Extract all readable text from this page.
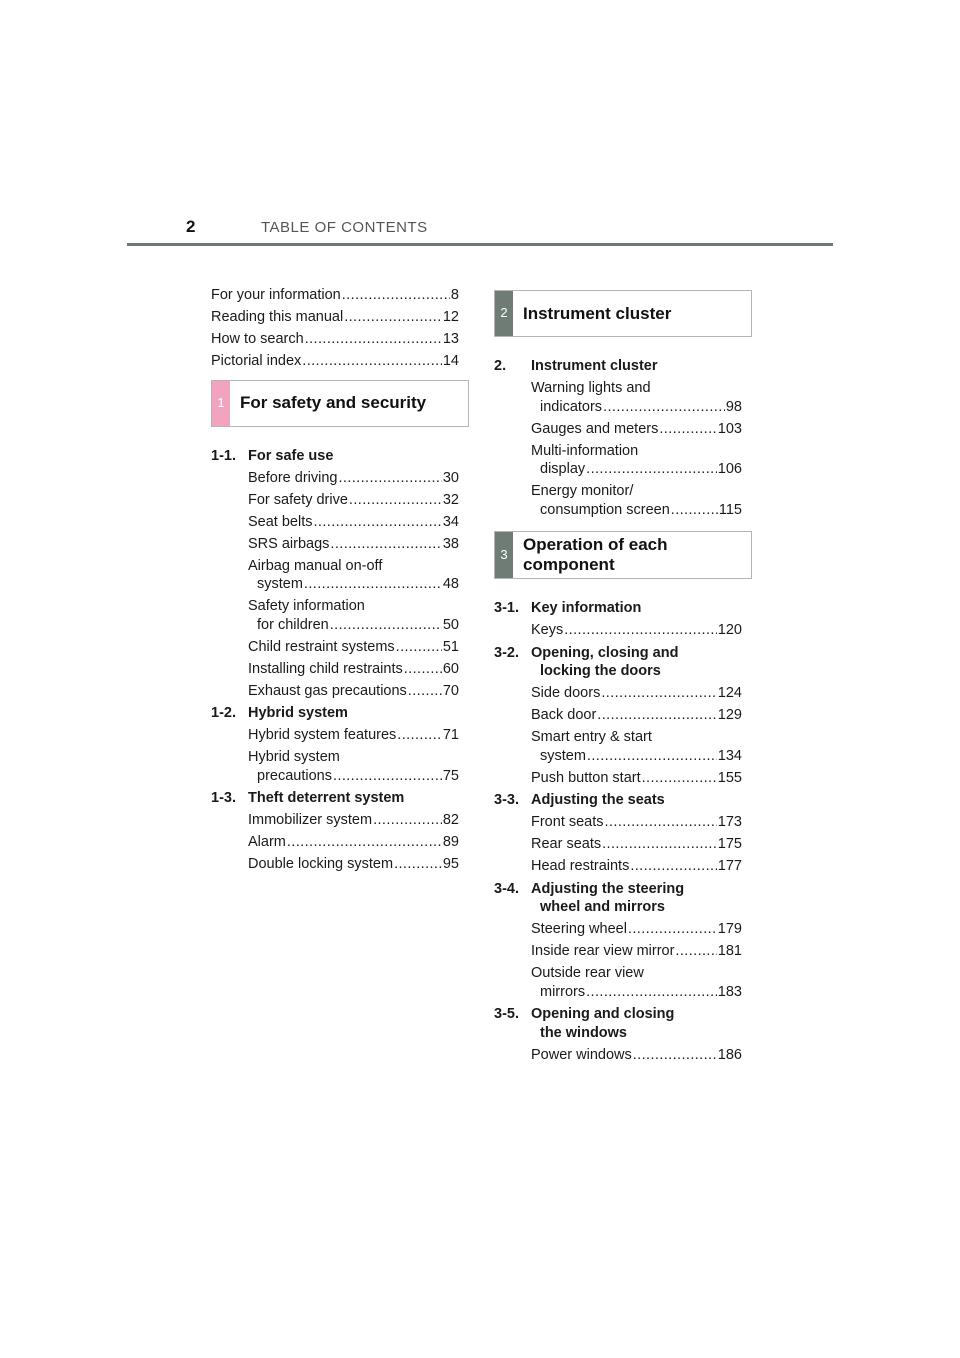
2	TABLE OF CONTENTS
For your information .....	8
Reading this manual .....	12
How to search .....	13
Pictorial index .....	14
1 For safety and security
1-1. For safe use
Before driving .....	30
For safety drive .....	32
Seat belts .....	34
SRS airbags .....	38
Airbag manual on-off
system .....	48
Safety information
for children .....	50
Child restraint systems .....	51
Installing child restraints .....	60
Exhaust gas precautions ..... 70
1-2. Hybrid system
Hybrid system features .....	71
Hybrid system
precautions .....	75
1-3. Theft deterrent system
Immobilizer system .....	82
Alarm .....	89
Double locking system .....	95
2 Instrument cluster
2.	Instrument cluster
Warning lights and
indicators .....	98
Gauges and meters .....	103
Multi-information
display .....	106
Energy monitor/
consumption screen .....	115
3
Operation of each
component
3-1. Key information
Keys .....	120
3-2. Opening, closing and
locking the doors
Side doors .....	124
Back door .....	129
Smart entry & start
system .....	134
Push button start .....	155
3-3. Adjusting the seats
Front seats .....	173
Rear seats .....	175
Head restraints .....	177
3-4. Adjusting the steering
wheel and mirrors
Steering wheel .....	179
Inside rear view mirror .....	181
Outside rear view
mirrors .....	183
3-5. Opening and closing
the windows
Power windows .....	186
